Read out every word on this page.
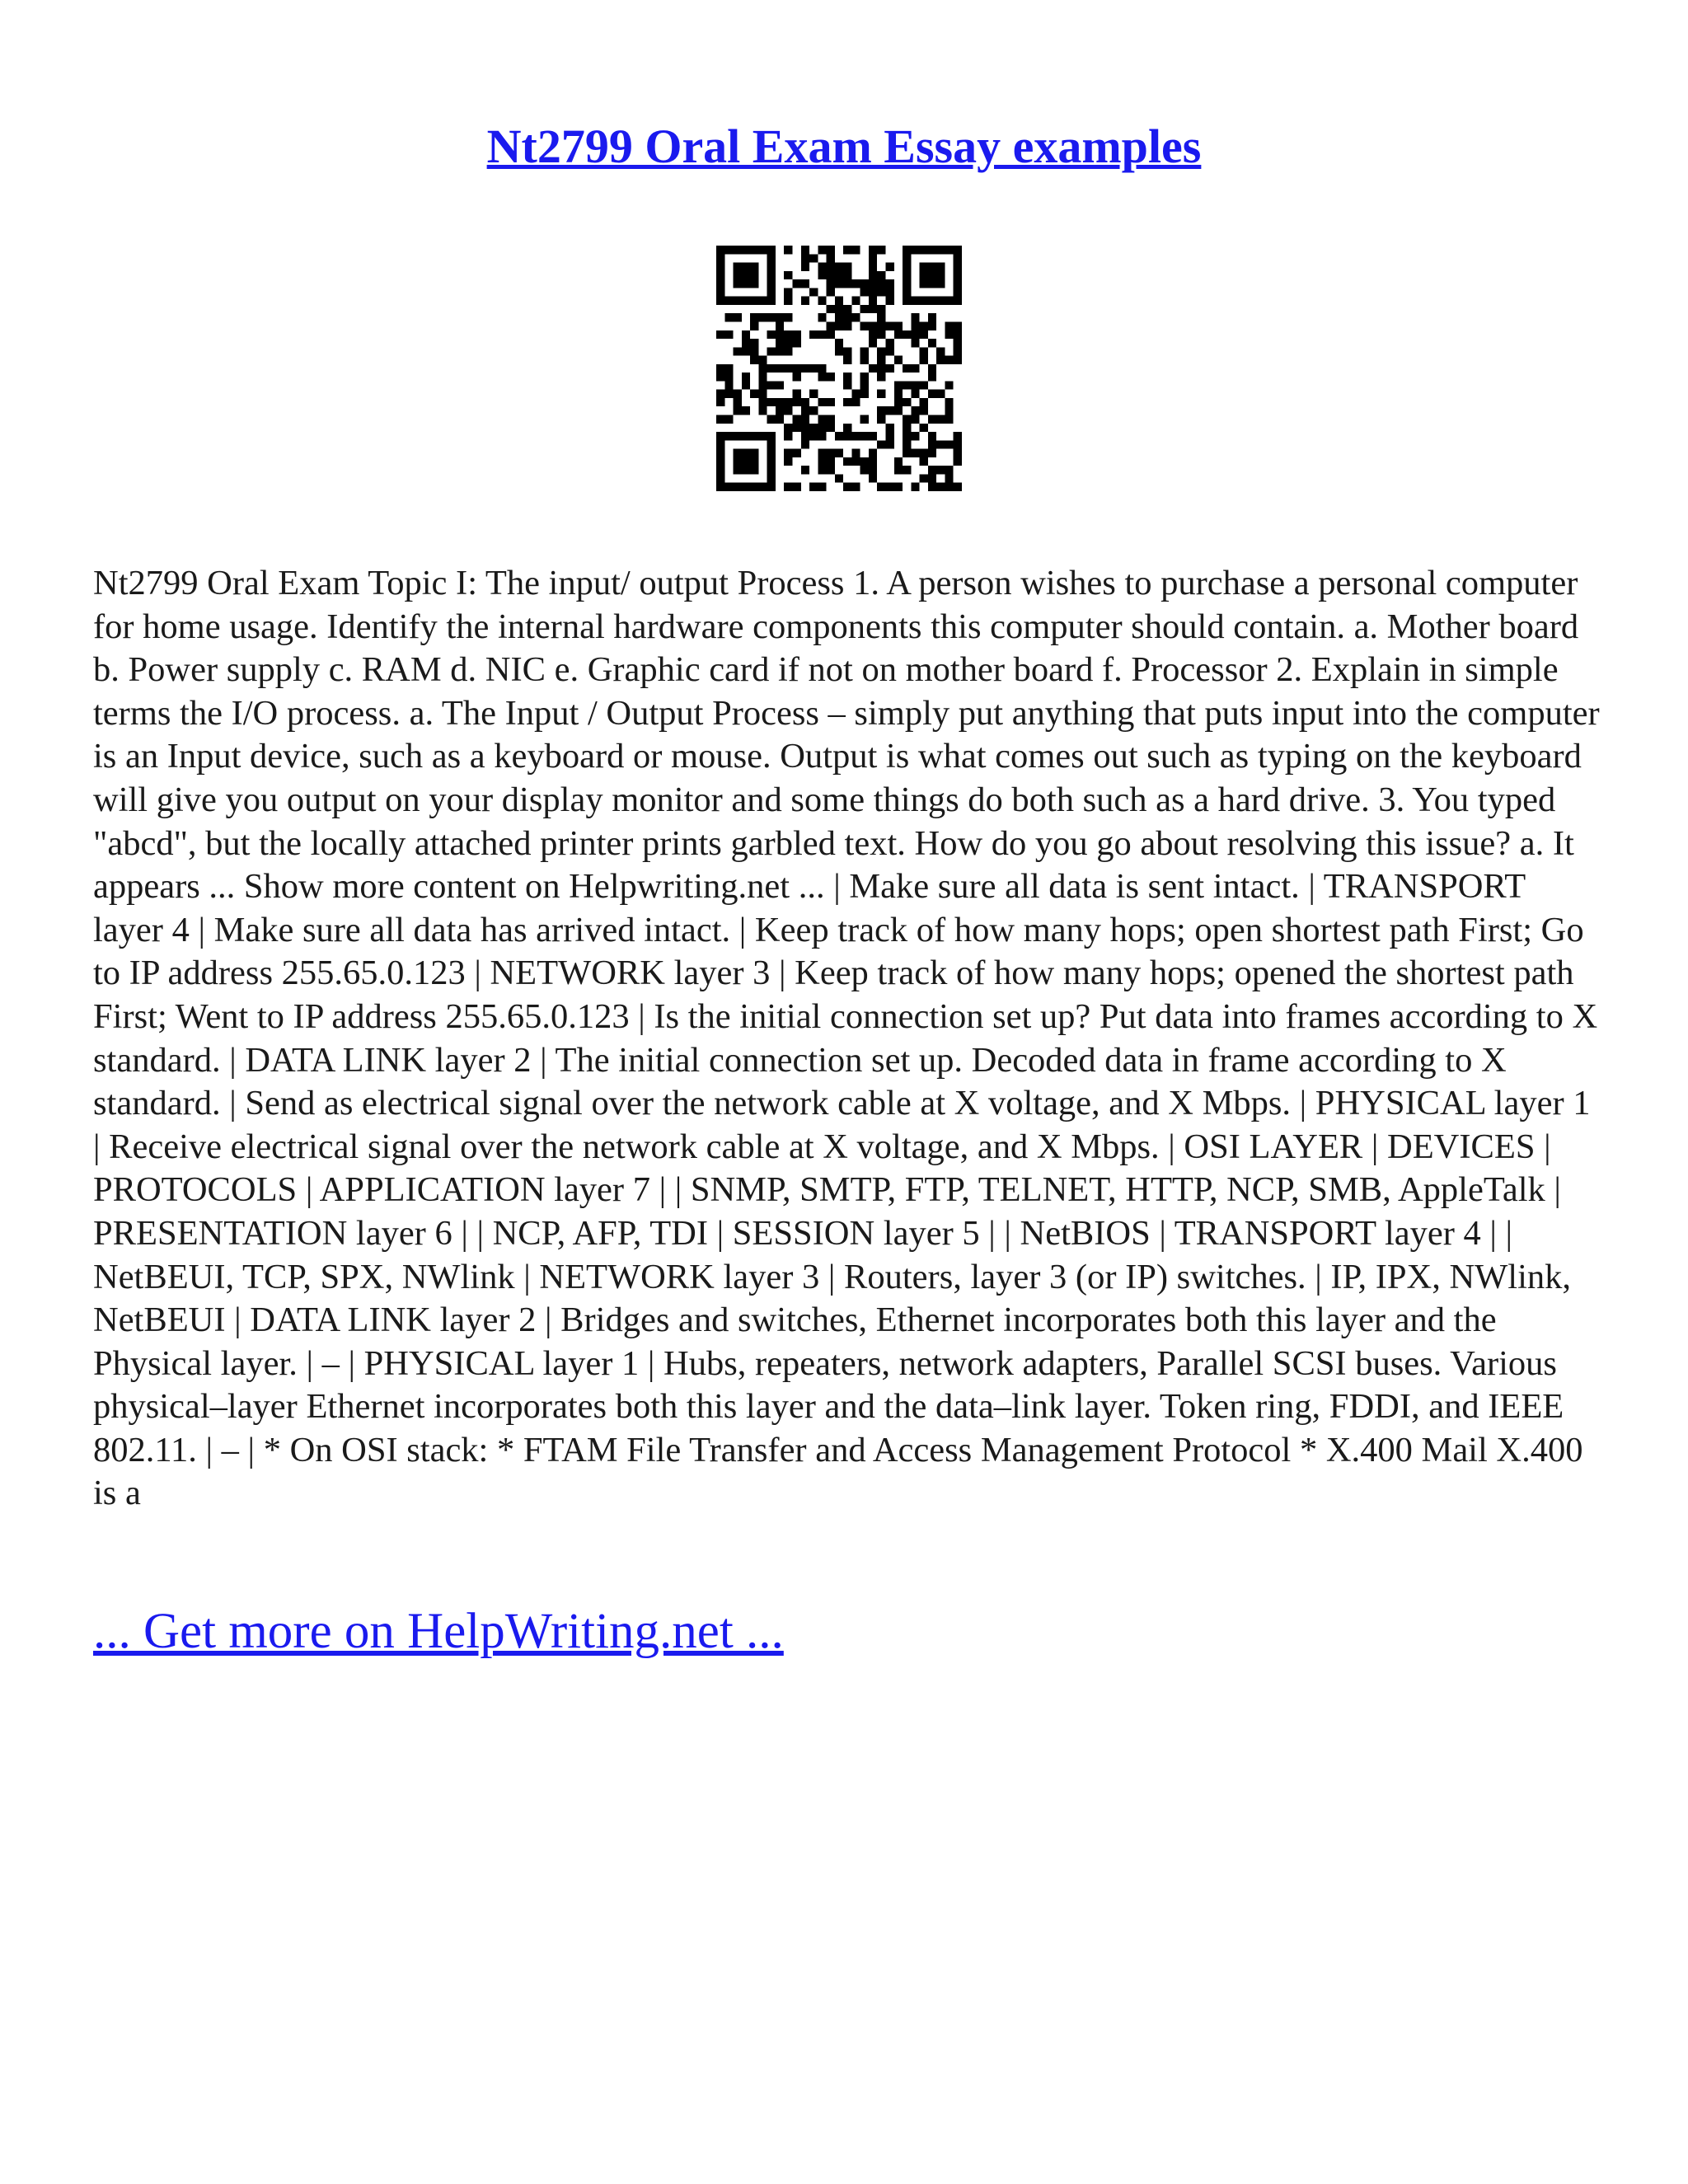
Nt2799 Oral Exam Essay examples

Nt2799 Oral Exam Topic I: The input/ output Process 1. A person wishes to purchase a personal computer for home usage. Identify the internal hardware components this computer should contain. a. Mother board b. Power supply c. RAM d. NIC e. Graphic card if not on mother board f. Processor 2. Explain in simple terms the I/O process. a. The Input / Output Process – simply put anything that puts input into the computer is an Input device, such as a keyboard or mouse. Output is what comes out such as typing on the keyboard will give you output on your display monitor and some things do both such as a hard drive. 3. You typed "abcd", but the locally attached printer prints garbled text. How do you go about resolving this issue? a. It appears ... Show more content on Helpwriting.net ... | Make sure all data is sent intact. | TRANSPORT layer 4 | Make sure all data has arrived intact. | Keep track of how many hops; open shortest path First; Go to IP address 255.65.0.123 | NETWORK layer 3 | Keep track of how many hops; opened the shortest path First; Went to IP address 255.65.0.123 | Is the initial connection set up? Put data into frames according to X standard. | DATA LINK layer 2 | The initial connection set up. Decoded data in frame according to X standard. | Send as electrical signal over the network cable at X voltage, and X Mbps. | PHYSICAL layer 1 | Receive electrical signal over the network cable at X voltage, and X Mbps. | OSI LAYER | DEVICES | PROTOCOLS | APPLICATION layer 7 | | SNMP, SMTP, FTP, TELNET, HTTP, NCP, SMB, AppleTalk | PRESENTATION layer 6 | | NCP, AFP, TDI | SESSION layer 5 | | NetBIOS | TRANSPORT layer 4 | | NetBEUI, TCP, SPX, NWlink | NETWORK layer 3 | Routers, layer 3 (or IP) switches. | IP, IPX, NWlink, NetBEUI | DATA LINK layer 2 | Bridges and switches, Ethernet incorporates both this layer and the Physical layer. | – | PHYSICAL layer 1 | Hubs, repeaters, network adapters, Parallel SCSI buses. Various physical–layer Ethernet incorporates both this layer and the data–link layer. Token ring, FDDI, and IEEE 802.11. | – | * On OSI stack: * FTAM File Transfer and Access Management Protocol * X.400 Mail X.400 is a

... Get more on HelpWriting.net ...
